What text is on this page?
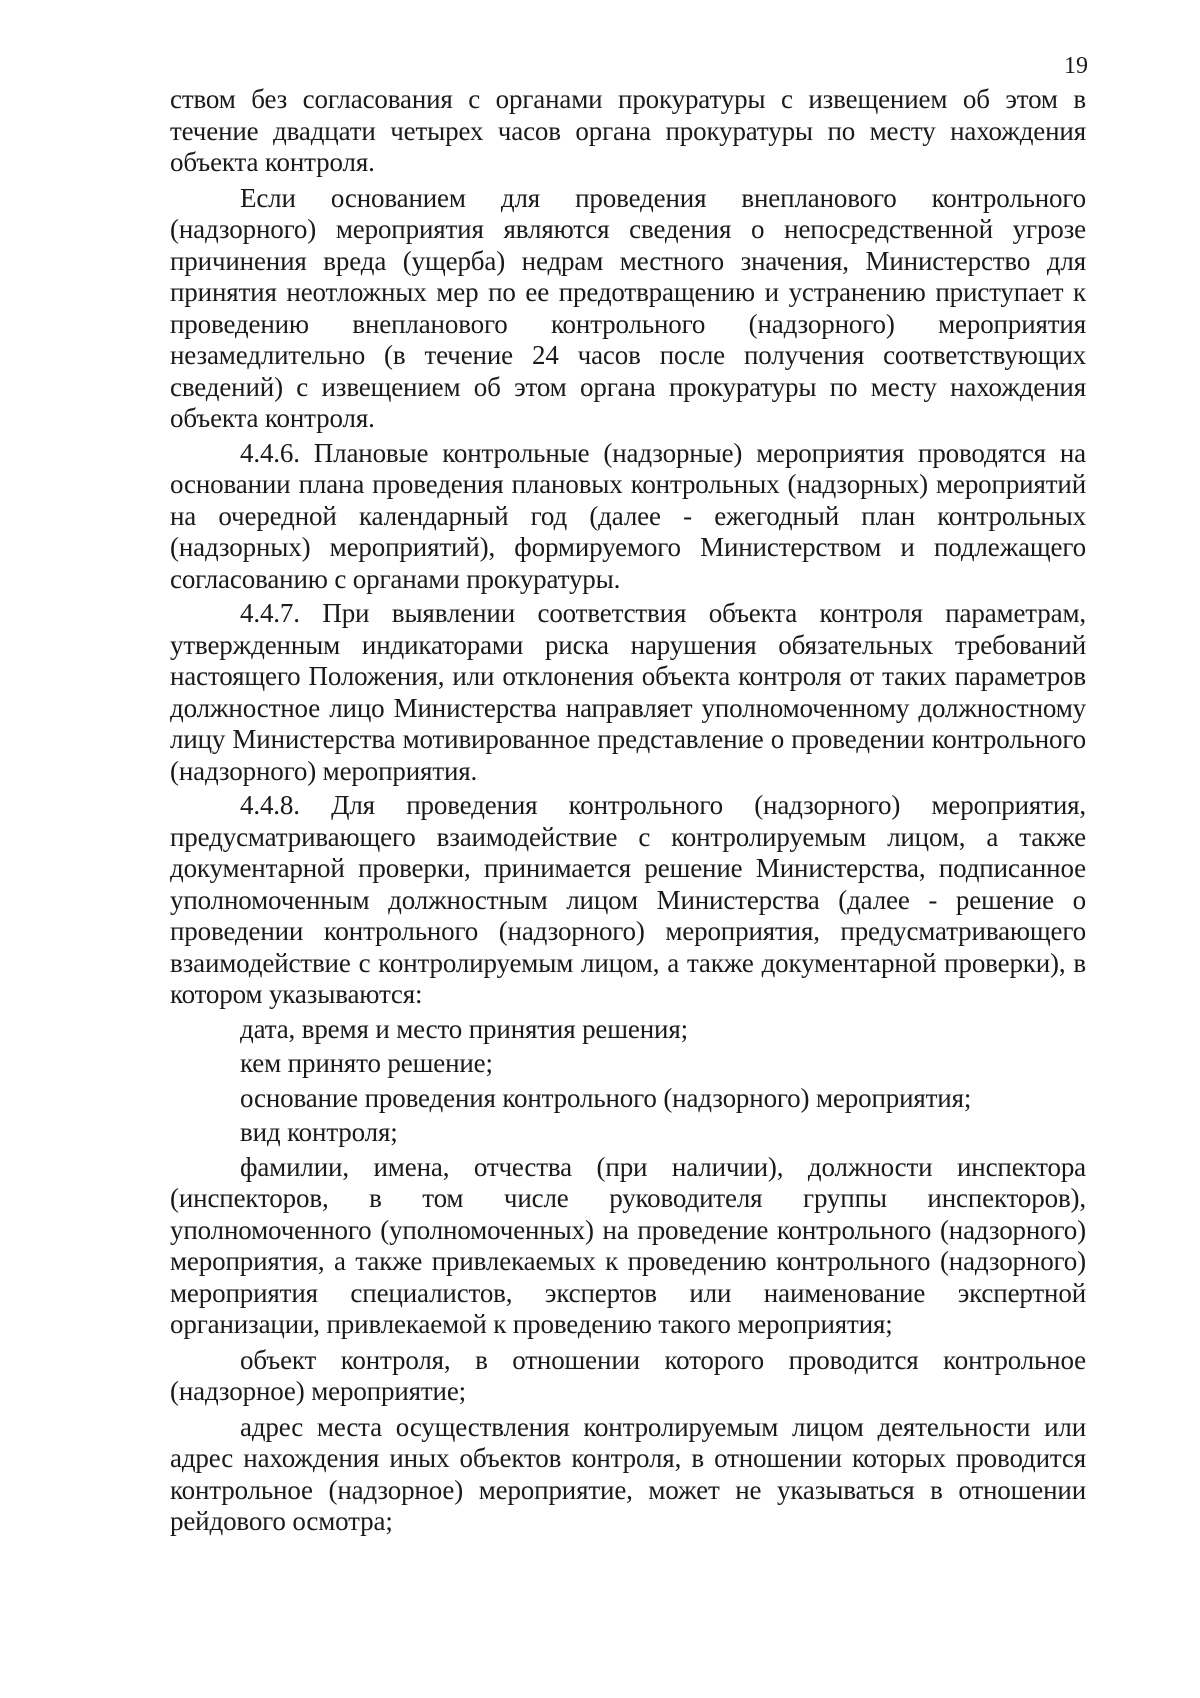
19

ством без согласования с органами прокуратуры с извещением об этом в течение двадцати четырех часов органа прокуратуры по месту нахождения объекта контроля.

Если основанием для проведения внепланового контрольного (надзорного) мероприятия являются сведения о непосредственной угрозе причинения вреда (ущерба) недрам местного значения, Министерство для принятия неотложных мер по ее предотвращению и устранению приступает к проведению внепланового контрольного (надзорного) мероприятия незамедлительно (в течение 24 часов после получения соответствующих сведений) с извещением об этом органа прокуратуры по месту нахождения объекта контроля.

4.4.6. Плановые контрольные (надзорные) мероприятия проводятся на основании плана проведения плановых контрольных (надзорных) мероприятий на очередной календарный год (далее - ежегодный план контрольных (надзорных) мероприятий), формируемого Министерством и подлежащего согласованию с органами прокуратуры.

4.4.7. При выявлении соответствия объекта контроля параметрам, утвержденным индикаторами риска нарушения обязательных требований настоящего Положения, или отклонения объекта контроля от таких параметров должностное лицо Министерства направляет уполномоченному должностному лицу Министерства мотивированное представление о проведении контрольного (надзорного) мероприятия.

4.4.8. Для проведения контрольного (надзорного) мероприятия, предусматривающего взаимодействие с контролируемым лицом, а также документарной проверки, принимается решение Министерства, подписанное уполномоченным должностным лицом Министерства (далее - решение о проведении контрольного (надзорного) мероприятия, предусматривающего взаимодействие с контролируемым лицом, а также документарной проверки), в котором указываются:

дата, время и место принятия решения;

кем принято решение;

основание проведения контрольного (надзорного) мероприятия;

вид контроля;

фамилии, имена, отчества (при наличии), должности инспектора (инспекторов, в том числе руководителя группы инспекторов), уполномоченного (уполномоченных) на проведение контрольного (надзорного) мероприятия, а также привлекаемых к проведению контрольного (надзорного) мероприятия специалистов, экспертов или наименование экспертной организации, привлекаемой к проведению такого мероприятия;

объект контроля, в отношении которого проводится контрольное (надзорное) мероприятие;

адрес места осуществления контролируемым лицом деятельности или адрес нахождения иных объектов контроля, в отношении которых проводится контрольное (надзорное) мероприятие, может не указываться в отношении рейдового осмотра;
